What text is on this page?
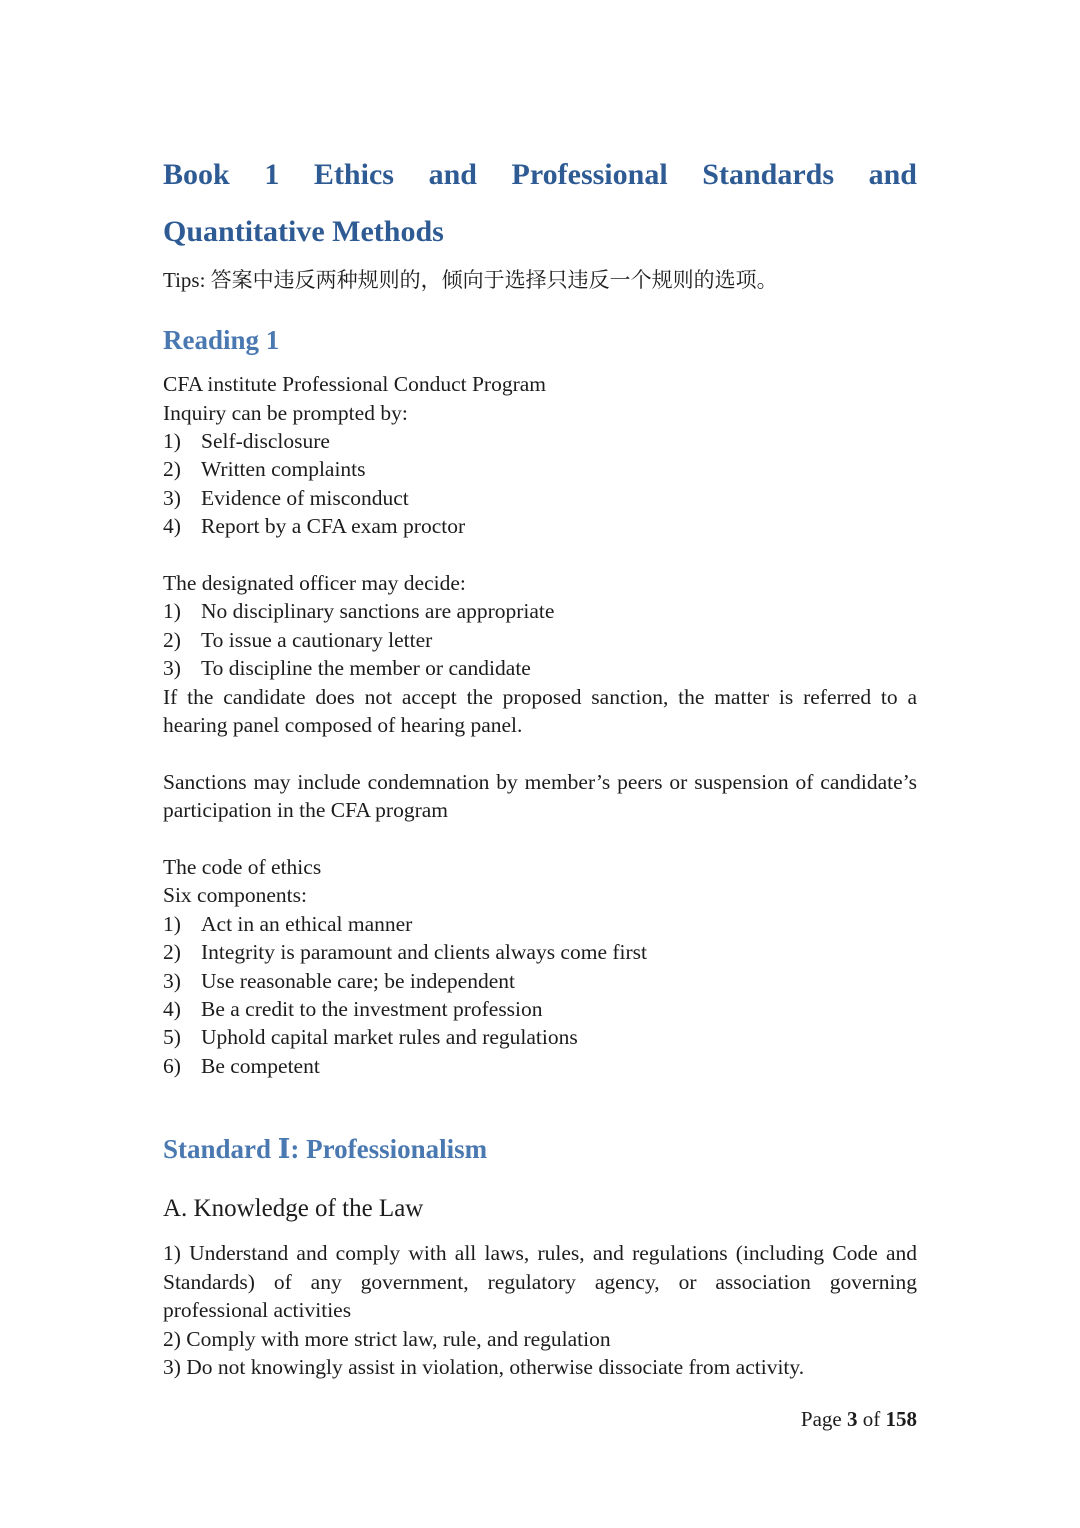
Book 1 Ethics and Professional Standards and
Quantitative Methods

Tips: 答案中违反两种规则的，倾向于选择只违反一个规则的选项。

Reading 1

CFA institute Professional Conduct Program

Inquiry can be prompted by:

1) Self-disclosure
2) Written complaints
3) Evidence of misconduct
4) Report by a CFA exam proctor

The designated officer may decide:

1) No disciplinary sanctions are appropriate
2) To issue a cautionary letter
3) To discipline the member or candidate

If the candidate does not accept the proposed sanction, the matter is referred to a hearing panel composed of hearing panel.

Sanctions may include condemnation by member’s peers or suspension of candidate’s participation in the CFA program

The code of ethics

Six components:

1) Act in an ethical manner
2) Integrity is paramount and clients always come first
3) Use reasonable care; be independent
4) Be a credit to the investment profession
5) Uphold capital market rules and regulations
6) Be competent
Standard Ⅰ: Professionalism
A. Knowledge of the Law

1) Understand and comply with all laws, rules, and regulations (including Code and Standards) of any government, regulatory agency, or association governing professional activities

2) Comply with more strict law, rule, and regulation

3) Do not knowingly assist in violation, otherwise dissociate from activity.

Page 3 of 158
